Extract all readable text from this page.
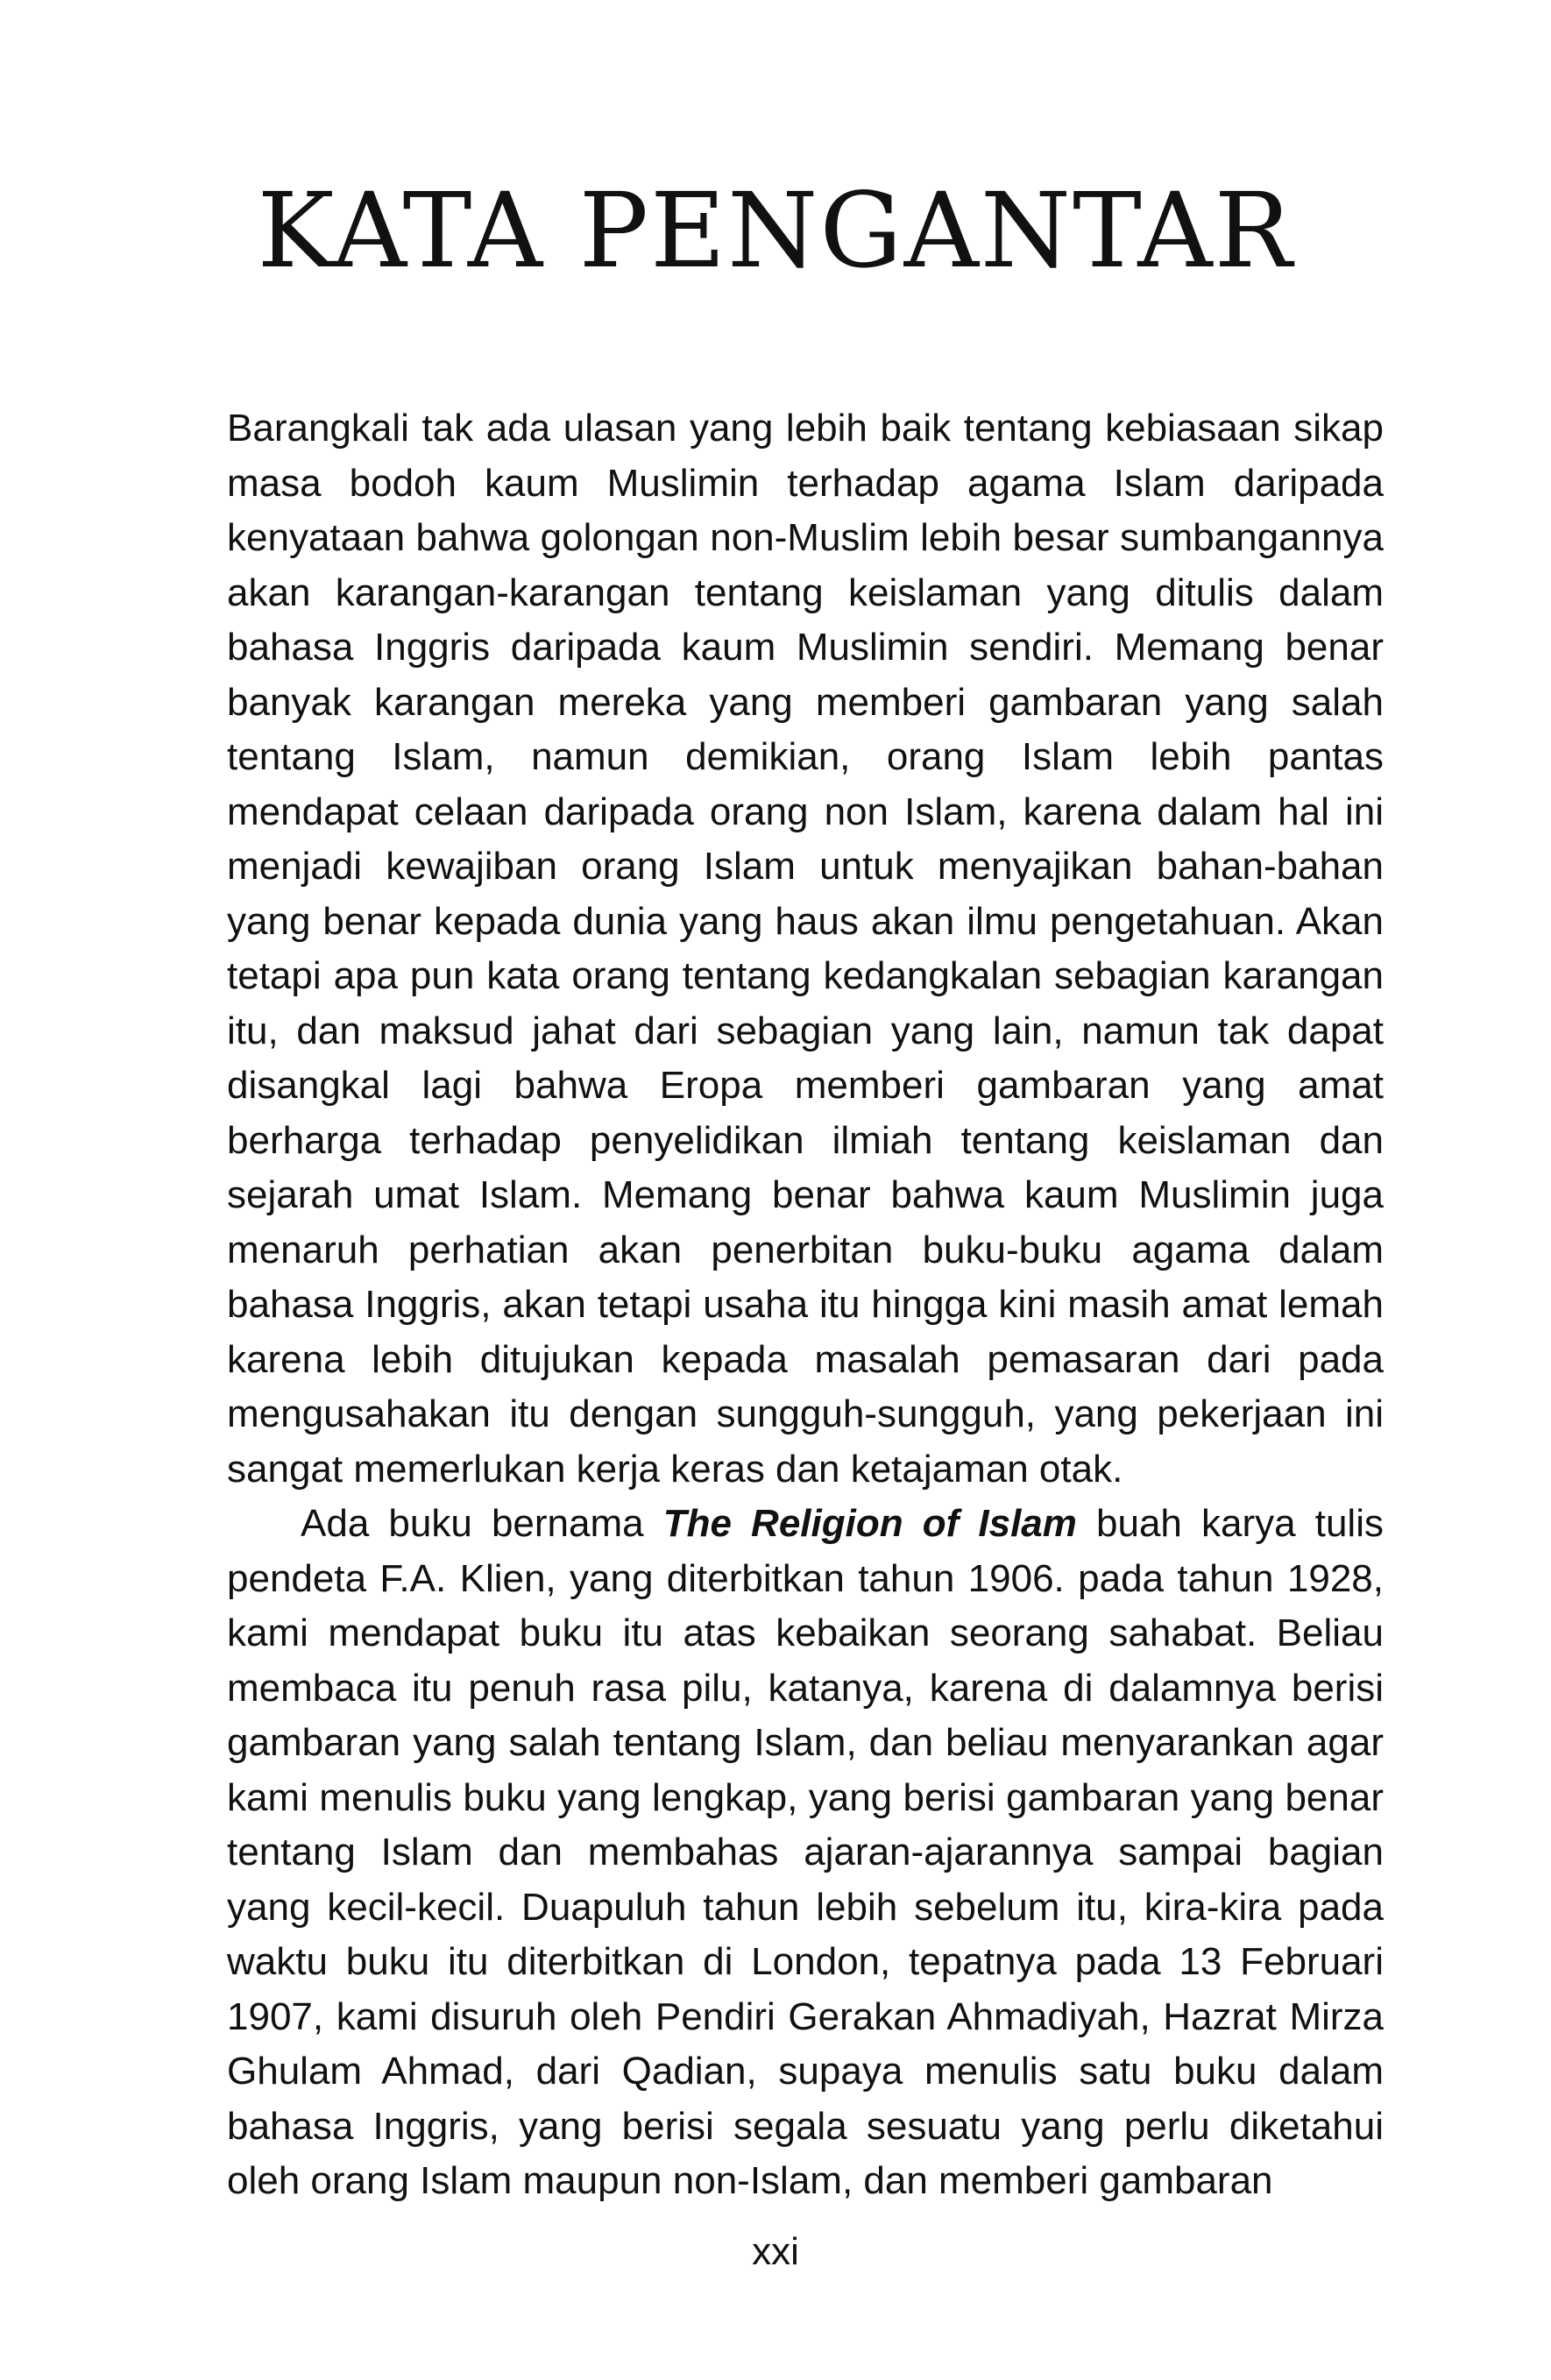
KATA PENGANTAR

Barangkali tak ada ulasan yang lebih baik tentang kebiasaan sikap masa bodoh kaum Muslimin terhadap agama Islam daripada kenyataan bahwa golongan non-Muslim lebih besar sumbangannya akan karangan-karangan tentang keislaman yang ditulis dalam bahasa Inggris daripada kaum Muslimin sendiri. Memang benar banyak karangan mereka yang memberi gambaran yang salah tentang Islam, namun demikian, orang Islam lebih pantas mendapat celaan daripada orang non Islam, karena dalam hal ini menjadi kewajiban orang Islam untuk menyajikan bahan-bahan yang benar kepada dunia yang haus akan ilmu pengetahuan. Akan tetapi apa pun kata orang tentang kedangkalan sebagian karangan itu, dan maksud jahat dari sebagian yang lain, namun tak dapat disangkal lagi bahwa Eropa memberi gambaran yang amat berharga terhadap penyelidikan ilmiah tentang keislaman dan sejarah umat Islam. Memang benar bahwa kaum Muslimin juga menaruh perhatian akan penerbitan buku-buku agama dalam bahasa Inggris, akan tetapi usaha itu hingga kini masih amat lemah karena lebih ditujukan kepada masalah pemasaran dari pada mengusahakan itu dengan sungguh-sungguh, yang pekerjaan ini sangat memerlukan kerja keras dan ketajaman otak.

Ada buku bernama The Religion of Islam buah karya tulis pendeta F.A. Klien, yang diterbitkan tahun 1906. pada tahun 1928, kami mendapat buku itu atas kebaikan seorang sahabat. Beliau membaca itu penuh rasa pilu, katanya, karena di dalamnya berisi gambaran yang salah tentang Islam, dan beliau menyarankan agar kami menulis buku yang lengkap, yang berisi gambaran yang benar tentang Islam dan membahas ajaran-ajarannya sampai bagian yang kecil-kecil. Duapuluh tahun lebih sebelum itu, kira-kira pada waktu buku itu diterbitkan di London, tepatnya pada 13 Februari 1907, kami disuruh oleh Pendiri Gerakan Ahmadiyah, Hazrat Mirza Ghulam Ahmad, dari Qadian, supaya menulis satu buku dalam bahasa Inggris, yang berisi segala sesuatu yang perlu diketahui oleh orang Islam maupun non-Islam, dan memberi gambaran

xxi
